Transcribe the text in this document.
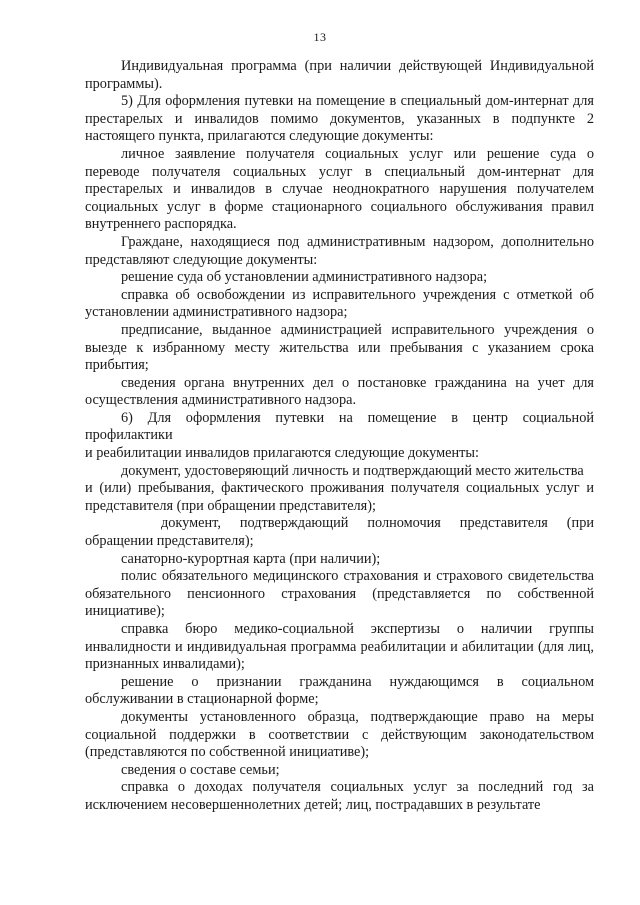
13

Индивидуальная программа (при наличии действующей Индивидуальной программы).

5) Для оформления путевки на помещение в специальный дом-интернат для престарелых и инвалидов помимо документов, указанных в подпункте 2 настоящего пункта, прилагаются следующие документы:

личное заявление получателя социальных услуг или решение суда о переводе получателя социальных услуг в специальный дом-интернат для престарелых и инвалидов в случае неоднократного нарушения получателем социальных услуг в форме стационарного социального обслуживания правил внутреннего распорядка.

Граждане, находящиеся под административным надзором, дополнительно представляют следующие документы:

решение суда об установлении административного надзора;

справка об освобождении из исправительного учреждения с отметкой об установлении административного надзора;

предписание, выданное администрацией исправительного учреждения о выезде к избранному месту жительства или пребывания с указанием срока прибытия;

сведения органа внутренних дел о постановке гражданина на учет для осуществления административного надзора.

6) Для оформления путевки на помещение в центр социальной профилактики

и реабилитации инвалидов прилагаются следующие документы:

документ, удостоверяющий личность и подтверждающий место жительства

и (или) пребывания, фактического проживания получателя социальных услуг и представителя (при обращении представителя);

документ, подтверждающий полномочия представителя (при обращении представителя);

санаторно-курортная карта (при наличии);

полис обязательного медицинского страхования и страхового свидетельства обязательного пенсионного страхования (представляется по собственной инициативе);

справка бюро медико-социальной экспертизы о наличии группы инвалидности и индивидуальная программа реабилитации и абилитации (для лиц, признанных инвалидами);

решение о признании гражданина нуждающимся в социальном обслуживании в стационарной форме;

документы установленного образца, подтверждающие право на меры социальной поддержки в соответствии с действующим законодательством (представляются по собственной инициативе);

сведения о составе семьи;

справка о доходах получателя социальных услуг за последний год за исключением несовершеннолетних детей; лиц, пострадавших в результате
